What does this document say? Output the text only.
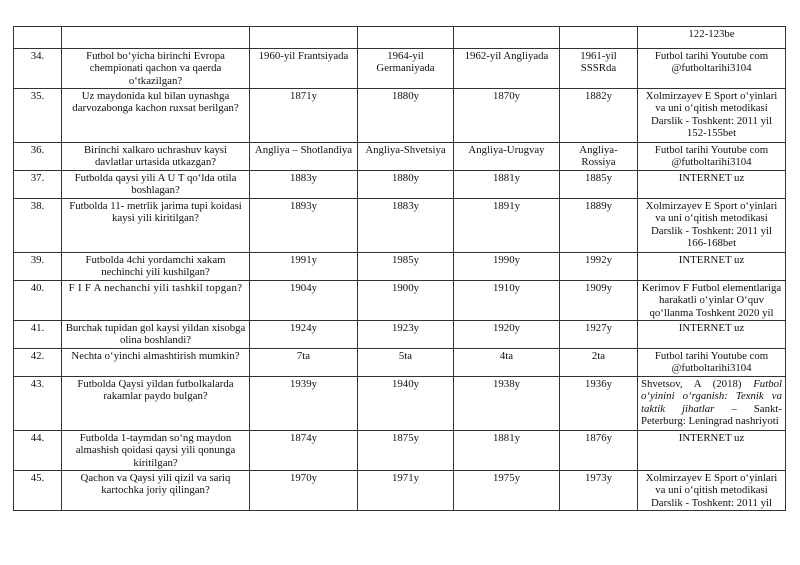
						122-123be
34.	Futbol bo‘yicha birinchi Evropa chempionati qachon va qaerda o‘tkazilgan?	1960-yil Frantsiyada	1964-yil Germaniyada	1962-yil Angliyada	1961-yil SSSRda	Futbol tarihi Youtube com @futboltarihi3104
35.	Uz maydonida kul bilan uynashga darvozabonga kachon ruxsat berilgan?	1871y	1880y	1870y	1882y	Xolmirzayev E Sport o‘yinlari va uni o‘qitish metodikasi Darslik - Toshkent: 2011 yil 152-155bet
36.	Birinchi xalkaro uchrashuv kaysi davlatlar urtasida utkazgan?	Angliya – Shotlandiya	Angliya-Shvetsiya	Angliya-Urugvay	Angliya-Rossiya	Futbol tarihi Youtube com @futboltarihi3104
37.	Futbolda qaysi yili A U T qo‘lda otila boshlagan?	1883y	1880y	1881y	1885y	INTERNET uz
38.	Futbolda 11- metrlik jarima tupi koidasi kaysi yili kiritilgan?	1893y	1883y	1891y	1889y	Xolmirzayev E Sport o‘yinlari va uni o‘qitish metodikasi Darslik - Toshkent: 2011 yil 166-168bet
39.	Futbolda 4chi yordamchi xakam nechinchi yili kushilgan?	1991y	1985y	1990y	1992y	INTERNET uz
40.	F I F A nechanchi yili tashkil topgan?	1904y	1900y	1910y	1909y	Kerimov F Futbol elementlariga harakatli o‘yinlar O‘quv qo‘llanma Toshkent 2020 yil
41.	Burchak tupidan gol kaysi yildan xisobga olina boshlandi?	1924y	1923y	1920y	1927y	INTERNET uz
42.	Nechta o‘yinchi almashtirish mumkin?	7ta	5ta	4ta	2ta	Futbol tarihi Youtube com @futboltarihi3104
43.	Futbolda Qaysi yildan futbolkalarda rakamlar paydo bulgan?	1939y	1940y	1938y	1936y	Shvetsov, A (2018) Futbol o‘yinini o‘rganish: Texnik va taktik jihatlar – Sankt-Peterburg: Leningrad nashriyoti
44.	Futbolda 1-taymdan so‘ng maydon almashish qoidasi qaysi yili qonunga kiritilgan?	1874y	1875y	1881y	1876y	INTERNET uz
45.	Qachon va Qaysi yili qizil va sariq kartochka joriy qilingan?	1970y	1971y	1975y	1973y	Xolmirzayev E Sport o‘yinlari va uni o‘qitish metodikasi Darslik - Toshkent: 2011 yil
